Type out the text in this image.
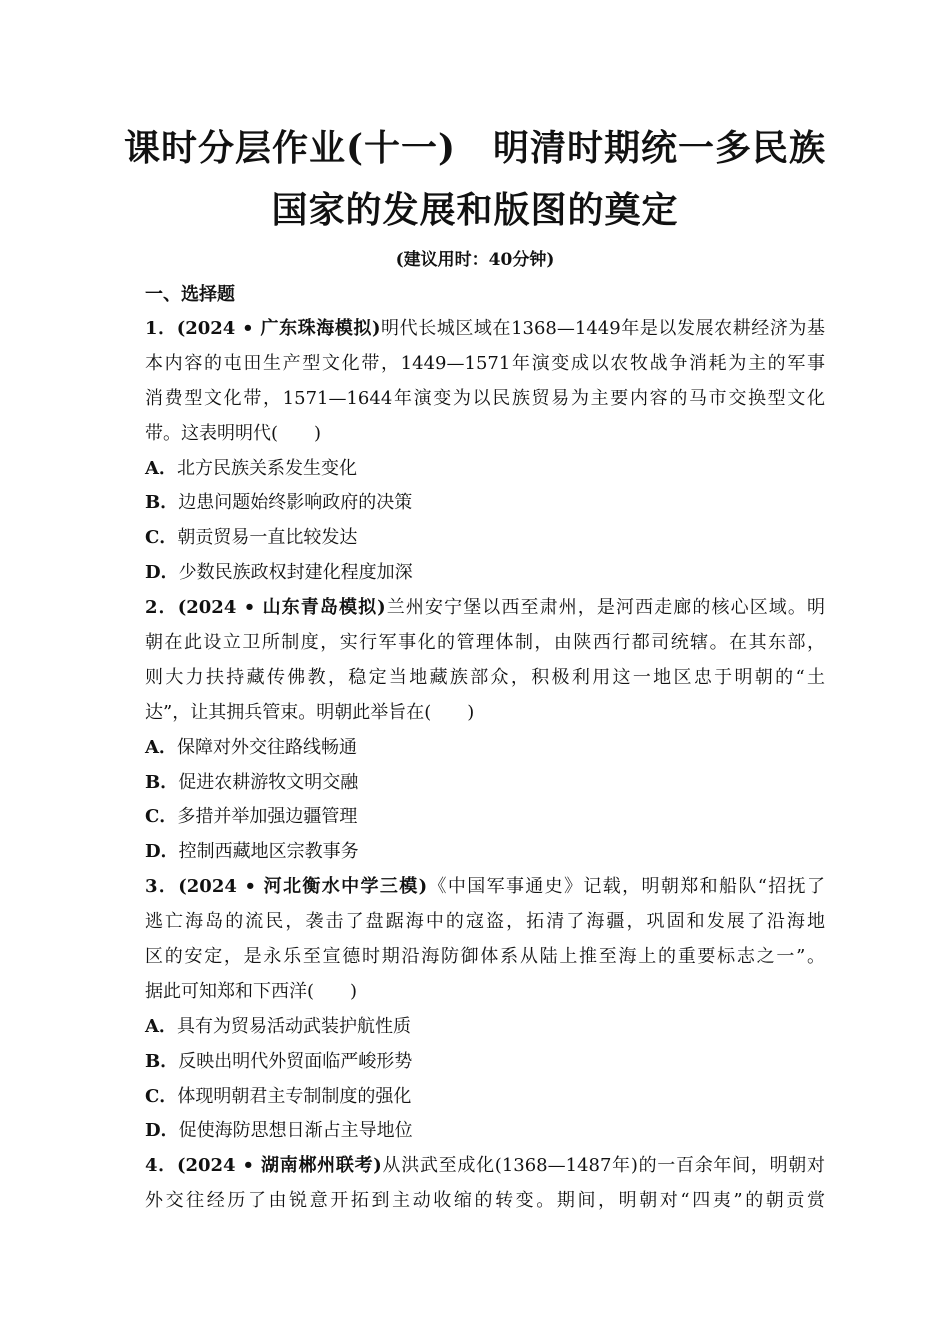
课时分层作业(十一)　明清时期统一多民族
国家的发展和版图的奠定
(建议用时：40分钟)
一、选择题
1．(2024 • 广东珠海模拟)明代长城区域在1368—1449年是以发展农耕经济为基
本内容的屯田生产型文化带，1449—1571年演变成以农牧战争消耗为主的军事
消费型文化带，1571—1644年演变为以民族贸易为主要内容的马市交换型文化
带。这表明明代(　　)
A．北方民族关系发生变化
B．边患问题始终影响政府的决策
C．朝贡贸易一直比较发达
D．少数民族政权封建化程度加深
2．(2024 • 山东青岛模拟)兰州安宁堡以西至肃州，是河西走廊的核心区域。明
朝在此设立卫所制度，实行军事化的管理体制，由陕西行都司统辖。在其东部，
则大力扶持藏传佛教，稳定当地藏族部众，积极利用这一地区忠于明朝的“土
达”，让其拥兵管束。明朝此举旨在(　　)
A．保障对外交往路线畅通
B．促进农耕游牧文明交融
C．多措并举加强边疆管理
D．控制西藏地区宗教事务
3．(2024 • 河北衡水中学三模)《中国军事通史》记载，明朝郑和船队“招抚了
逃亡海岛的流民，袭击了盘踞海中的寇盗，拓清了海疆，巩固和发展了沿海地
区的安定，是永乐至宣德时期沿海防御体系从陆上推至海上的重要标志之一”。
据此可知郑和下西洋(　　)
A．具有为贸易活动武装护航性质
B．反映出明代外贸面临严峻形势
C．体现明朝君主专制制度的强化
D．促使海防思想日渐占主导地位
4．(2024 • 湖南郴州联考)从洪武至成化(1368—1487年)的一百余年间，明朝对
外交往经历了由锐意开拓到主动收缩的转变。期间，明朝对“四夷”的朝贡赏
